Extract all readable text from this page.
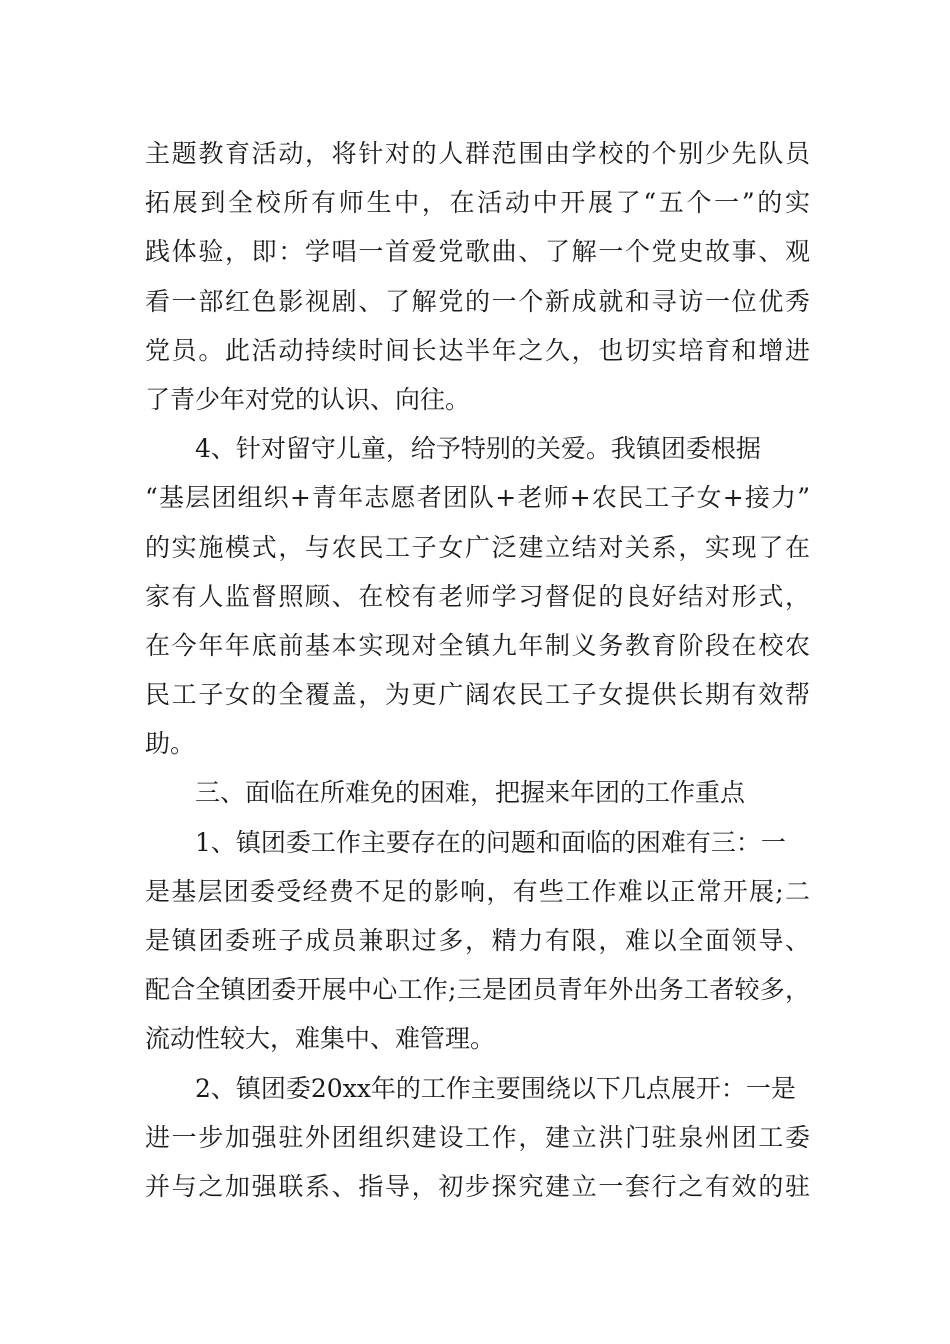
主题教育活动，将针对的人群范围由学校的个别少先队员
拓展到全校所有师生中，在活动中开展了“五个一”的实
践体验，即：学唱一首爱党歌曲、了解一个党史故事、观
看一部红色影视剧、了解党的一个新成就和寻访一位优秀
党员。此活动持续时间长达半年之久，也切实培育和增进
了青少年对党的认识、向往。
4、针对留守儿童，给予特别的关爱。我镇团委根据
“基层团组织+青年志愿者团队+老师+农民工子女+接力”
的实施模式，与农民工子女广泛建立结对关系，实现了在
家有人监督照顾、在校有老师学习督促的良好结对形式，
在今年年底前基本实现对全镇九年制义务教育阶段在校农
民工子女的全覆盖，为更广阔农民工子女提供长期有效帮
助。
三、面临在所难免的困难，把握来年团的工作重点
1、镇团委工作主要存在的问题和面临的困难有三：一
是基层团委受经费不足的影响，有些工作难以正常开展;二
是镇团委班子成员兼职过多，精力有限，难以全面领导、
配合全镇团委开展中心工作;三是团员青年外出务工者较多，
流动性较大，难集中、难管理。
2、镇团委20xx年的工作主要围绕以下几点展开：一是
进一步加强驻外团组织建设工作，建立洪门驻泉州团工委
并与之加强联系、指导，初步探究建立一套行之有效的驻
